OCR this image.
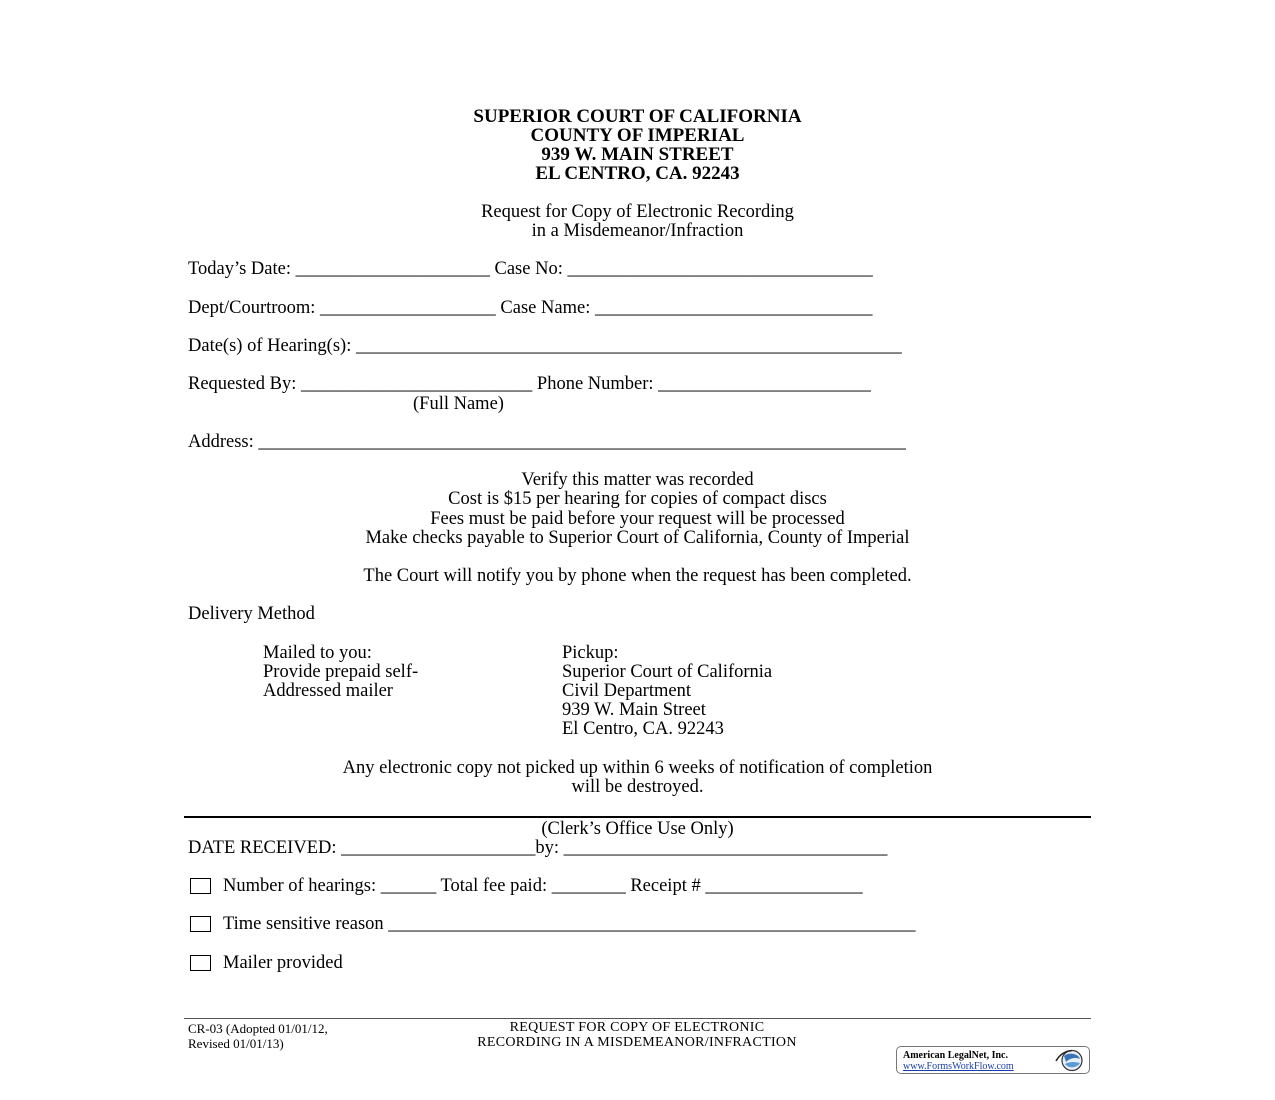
SUPERIOR COURT OF CALIFORNIA
COUNTY OF IMPERIAL
939 W. MAIN STREET
EL CENTRO, CA. 92243
Request for Copy of Electronic Recording
in a Misdemeanor/Infraction
Today’s Date: _____________________ Case No: _________________________________
Dept/Courtroom: ___________________ Case Name: ______________________________
Date(s) of Hearing(s): ___________________________________________________________
Requested By: _________________________ Phone Number: _______________________
(Full Name)
Address: ______________________________________________________________________
Verify this matter was recorded
Cost is $15 per hearing for copies of compact discs
Fees must be paid before your request will be processed
Make checks payable to Superior Court of California, County of Imperial
The Court will notify you by phone when the request has been completed.
Delivery Method
Mailed to you:
Provide prepaid self-
Addressed mailer
Pickup:
Superior Court of California
Civil Department
939 W. Main Street
El Centro, CA. 92243
Any electronic copy not picked up within 6 weeks of notification of completion
will be destroyed.
(Clerk’s Office Use Only)
DATE RECEIVED: _____________________by: ___________________________________
Number of hearings: ______ Total fee paid: ________ Receipt # _________________
Time sensitive reason _________________________________________________________
Mailer provided
CR-03 (Adopted 01/01/12,
Revised 01/01/13)
REQUEST FOR COPY OF ELECTRONIC
RECORDING IN A MISDEMEANOR/INFRACTION
American LegalNet, Inc.
www.FormsWorkFlow.com
